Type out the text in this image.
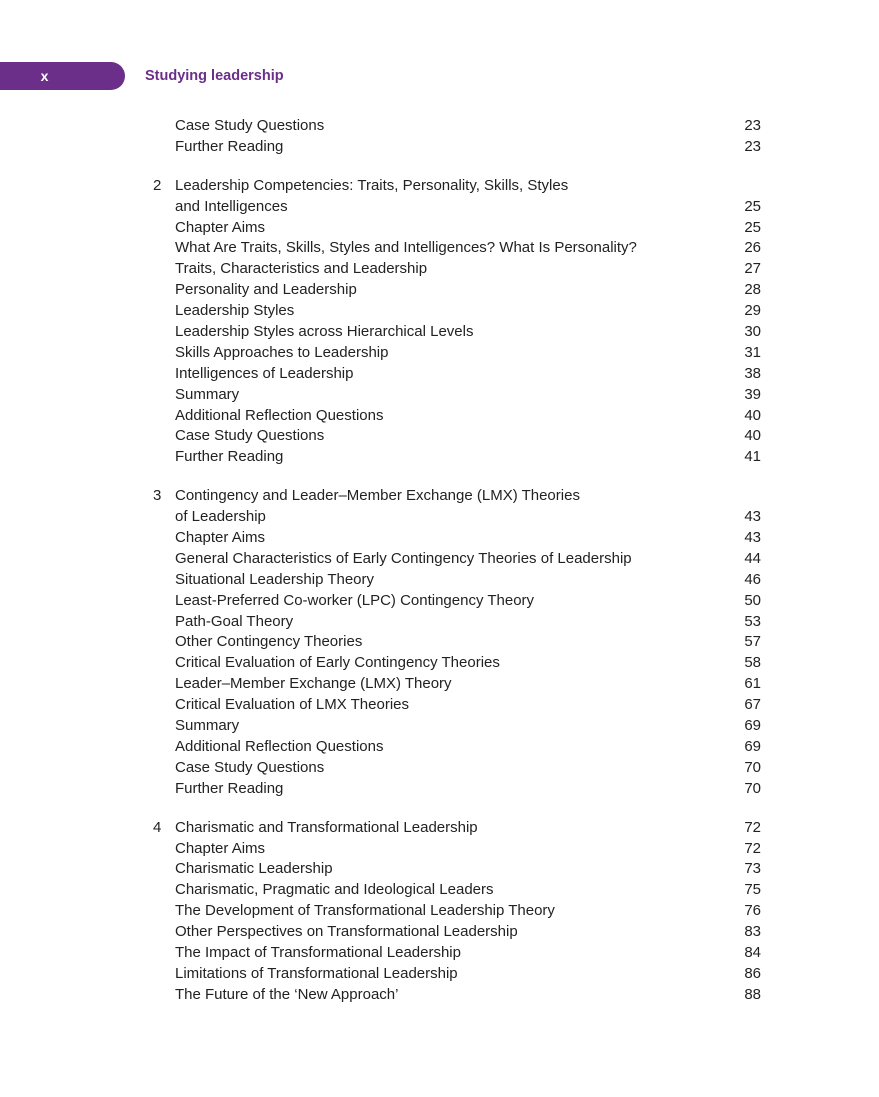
x	Studying leadership
Case Study Questions	23
Further Reading	23
2 Leadership Competencies: Traits, Personality, Skills, Styles
and Intelligences	25
Chapter Aims	25
What Are Traits, Skills, Styles and Intelligences? What Is Personality?	26
Traits, Characteristics and Leadership	27
Personality and Leadership	28
Leadership Styles	29
Leadership Styles across Hierarchical Levels	30
Skills Approaches to Leadership	31
Intelligences of Leadership	38
Summary	39
Additional Reflection Questions	40
Case Study Questions	40
Further Reading	41
3 Contingency and Leader–Member Exchange (LMX) Theories
of Leadership	43
Chapter Aims	43
General Characteristics of Early Contingency Theories of Leadership	44
Situational Leadership Theory	46
Least-Preferred Co-worker (LPC) Contingency Theory	50
Path-Goal Theory	53
Other Contingency Theories	57
Critical Evaluation of Early Contingency Theories	58
Leader–Member Exchange (LMX) Theory	61
Critical Evaluation of LMX Theories	67
Summary	69
Additional Reflection Questions	69
Case Study Questions	70
Further Reading	70
4 Charismatic and Transformational Leadership	72
Chapter Aims	72
Charismatic Leadership	73
Charismatic, Pragmatic and Ideological Leaders	75
The Development of Transformational Leadership Theory	76
Other Perspectives on Transformational Leadership	83
The Impact of Transformational Leadership	84
Limitations of Transformational Leadership	86
The Future of the ‘New Approach’	88
